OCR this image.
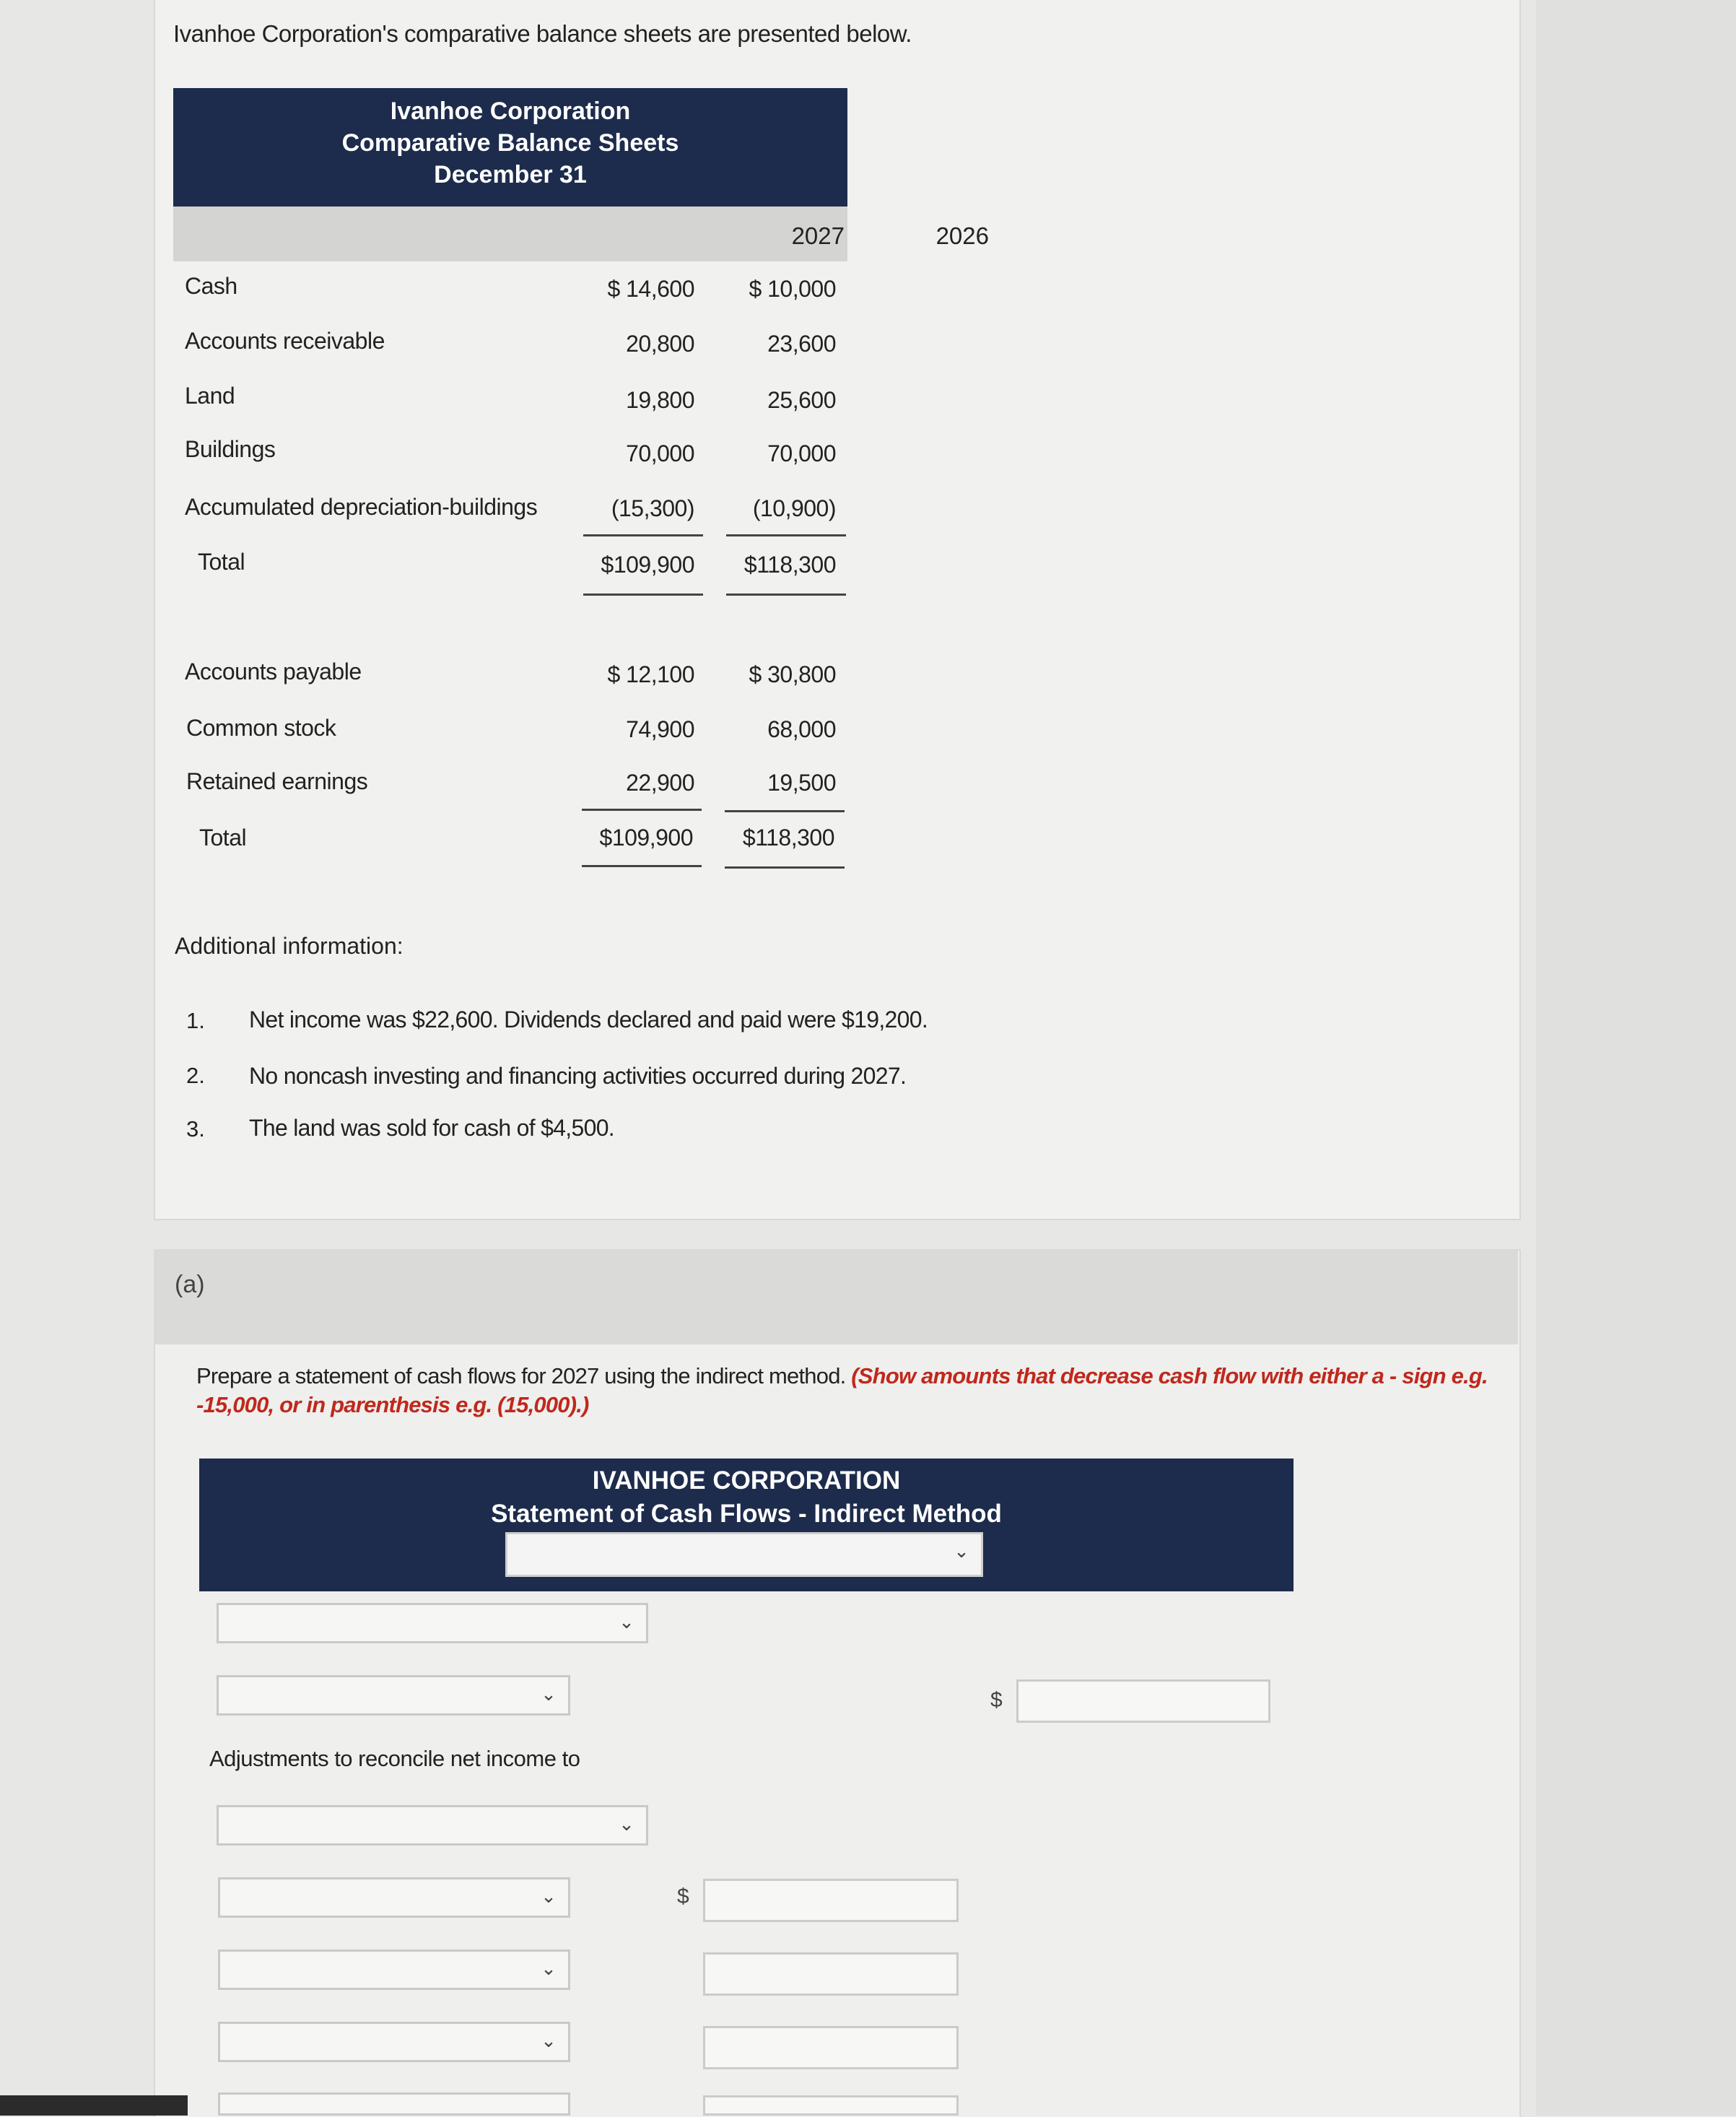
Ivanhoe Corporation's comparative balance sheets are presented below.
Ivanhoe Corporation
Comparative Balance Sheets
December 31
2027	2026
Cash	$ 14,600	$ 10,000
Accounts receivable	20,800	23,600
Land	19,800	25,600
Buildings	70,000	70,000
Accumulated depreciation-buildings	(15,300)	(10,900)
Total	$109,900	$118,300
Accounts payable	$ 12,100	$ 30,800
Common stock	74,900	68,000
Retained earnings	22,900	19,500
Total	$109,900	$118,300
Additional information:
1. Net income was $22,600. Dividends declared and paid were $19,200.
2. No noncash investing and financing activities occurred during 2027.
3. The land was sold for cash of $4,500.
(a)
Prepare a statement of cash flows for 2027 using the indirect method. (Show amounts that decrease cash flow with either a - sign e.g. -15,000, or in parenthesis e.g. (15,000).)
IVANHOE CORPORATION
Statement of Cash Flows - Indirect Method
⌄
⌄
⌄	$
Adjustments to reconcile net income to
⌄
⌄	$
⌄
⌄
